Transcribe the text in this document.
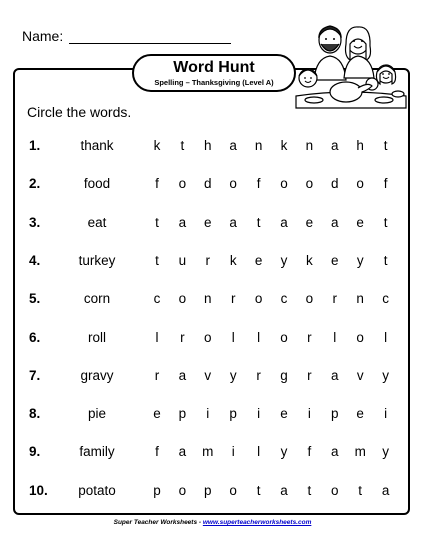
Name:
Word Hunt
Spelling – Thanksgiving (Level A)
Circle the words.
1.	thank	k	t	h a n k n a h	t
2.	food	f	o d o	f	o o d o	f
3.	eat	t	a e a	t	a e a e	t
4.	turkey	t	u	r	k e y k e y	t
5.	corn	c o n	r	o c o	r	n c
6.	roll	l	r	o	l	l	o	r	l	o	l
7.	gravy	r	a v y	r	g	r	a v y
8.	pie	e p	i	p	i	e	i	p e	i
9.	family	f	a m	i	l	y	f	a m y
10.	potato	p o p o	t	a	t	o	t	a
Super Teacher Worksheets - www.superteacherworksheets.com
